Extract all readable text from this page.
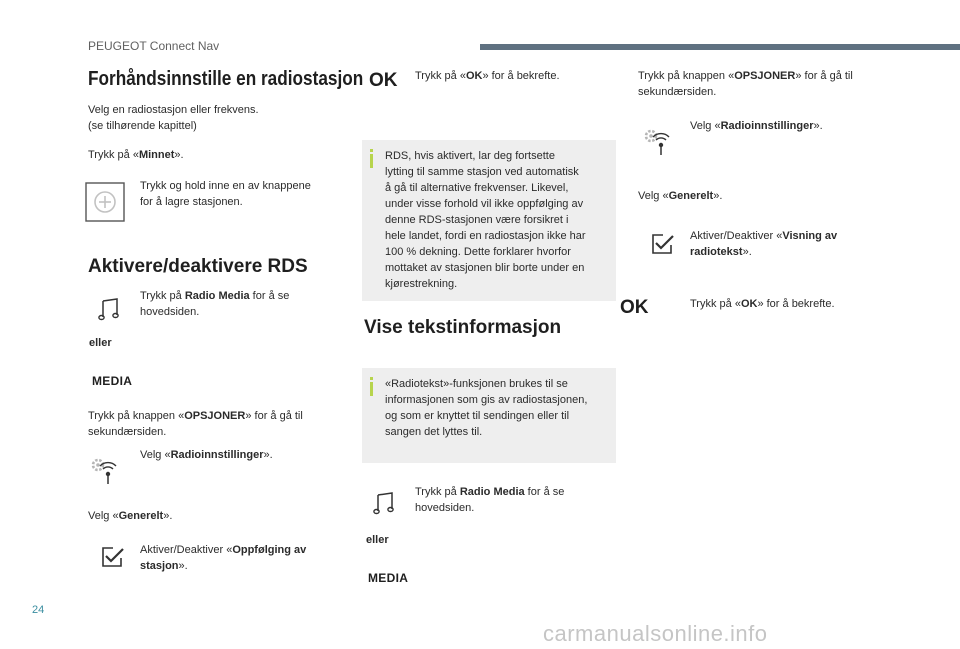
PEUGEOT Connect Nav
Forhåndsinnstille en radiostasjon
Velg en radiostasjon eller frekvens.
(se tilhørende kapittel)
Trykk på «Minnet».
Trykk og hold inne en av knappene
for å lagre stasjonen.
Aktivere/deaktivere RDS
Trykk på Radio Media for å se
hovedsiden.
eller
MEDIA
Trykk på knappen «OPSJONER» for å gå til
sekundærsiden.
Velg «Radioinnstillinger».
Velg «Generelt».
Aktiver/Deaktiver «Oppfølging av
stasjon».
OK Trykk på «OK» for å bekrefte.
RDS, hvis aktivert, lar deg fortsette
lytting til samme stasjon ved automatisk
å gå til alternative frekvenser. Likevel,
under visse forhold vil ikke oppfølging av
denne RDS-stasjonen være forsikret i
hele landet, fordi en radiostasjon ikke har
100 % dekning. Dette forklarer hvorfor
mottaket av stasjonen blir borte under en
kjørestrekning.
Vise tekstinformasjon
«Radiotekst»-funksjonen brukes til se
informasjonen som gis av radiostasjonen,
og som er knyttet til sendingen eller til
sangen det lyttes til.
Trykk på Radio Media for å se
hovedsiden.
eller
MEDIA
Trykk på knappen «OPSJONER» for å gå til
sekundærsiden.
Velg «Radioinnstillinger».
Velg «Generelt».
Aktiver/Deaktiver «Visning av
radiotekst».
OK	Trykk på «OK» for å bekrefte.
24
carmanualsonline.info
